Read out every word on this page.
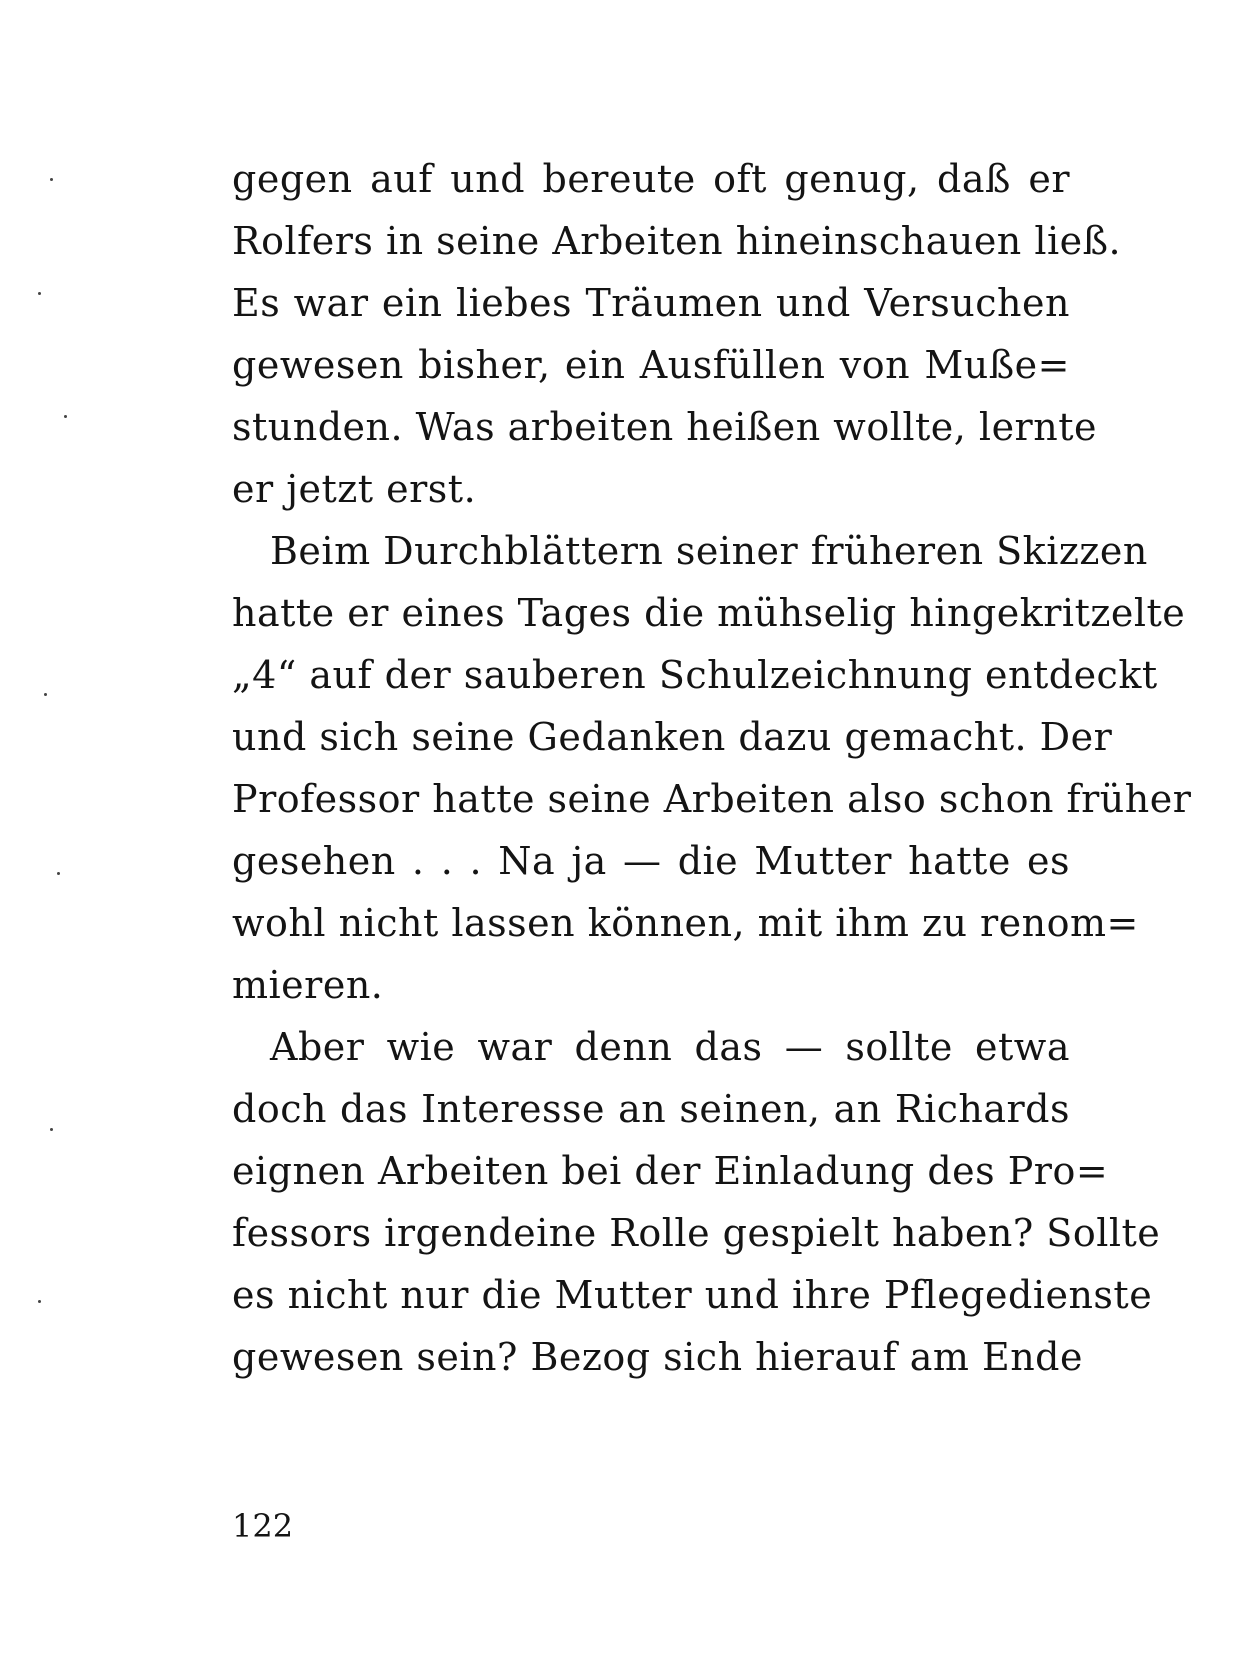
gegen auf und bereute oft genug, daß er
Rolfers in seine Arbeiten hineinschauen ließ.
Es war ein liebes Träumen und Versuchen
gewesen bisher, ein Ausfüllen von Muße=
stunden. Was arbeiten heißen wollte, lernte
er jetzt erst.
Beim Durchblättern seiner früheren Skizzen
hatte er eines Tages die mühselig hingekritzelte
„4“ auf der sauberen Schulzeichnung entdeckt
und sich seine Gedanken dazu gemacht. Der
Professor hatte seine Arbeiten also schon früher
gesehen . . . Na ja — die Mutter hatte es
wohl nicht lassen können, mit ihm zu renom=
mieren.
Aber wie war denn das — sollte etwa
doch das Interesse an seinen, an Richards
eignen Arbeiten bei der Einladung des Pro=
fessors irgendeine Rolle gespielt haben? Sollte
es nicht nur die Mutter und ihre Pflegedienste
gewesen sein? Bezog sich hierauf am Ende
122
